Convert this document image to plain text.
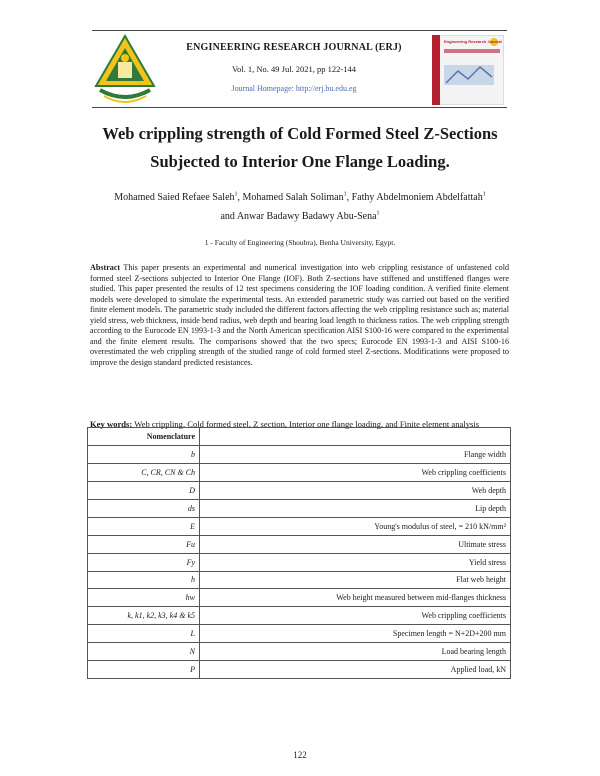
ENGINEERING RESEARCH JOURNAL (ERJ)
Vol. 1, No. 49 Jul. 2021, pp 122-144
Journal Homepage: http://erj.bu.edu.eg
Engineering Research Journal
Web crippling strength of Cold Formed Steel Z-Sections
Subjected to Interior One Flange Loading.
Mohamed Saied Refaee Saleh$^1$, Mohamed Salah Soliman$^1$, Fathy Abdelmoniem Abdelfattah$^1$
and Anwar Badawy Badawy Abu-Sena$^1$
1 - Faculty of Engineering (Shoubra), Benha University, Egypt.
Abstract This paper presents an experimental and numerical investigation into web crippling resistance of unfastened cold formed steel Z-sections subjected to Interior One Flange (IOF). Both Z-sections have stiffened and unstiffened flanges were studied. This paper presented the results of 12 test specimens considering the IOF loading condition. A verified finite element models were developed to simulate the experimental tests. An extended parametric study was carried out based on the verified finite element models. The parametric study included the different factors affecting the web crippling resistance such as; material yield stress, web thickness, inside bend radius, web depth and bearing load length to thickness ratios. The web crippling strength according to the Eurocode EN 1993-1-3 and the North American specification AISI S100-16 were compared to the experimental and the finite element results. The comparisons showed that the two specs; Eurocode EN 1993-1-3 and AISI S100-16 overestimated the web crippling strength of the studied range of cold formed steel Z-sections. Modifications were proposed to improve the design standard predicted resistances.
Key words: Web crippling, Cold formed steel, Z section, Interior one flange loading, and Finite element analysis
Nomenclature	
b	Flange width
C, CR, CN & Ch	Web crippling coefficients
D	Web depth
ds	Lip depth
E	Young's modulus of steel, = 210 kN/mm²
Fu	Ultimate stress
Fy	Yield stress
h	Flat web height
hw	Web height measured between mid-flanges thickness
k, k1, k2, k3, k4 & k5	Web crippling coefficients
L	Specimen length = N+2D+200 mm
N	Load bearing length
P	Applied load, kN
122
